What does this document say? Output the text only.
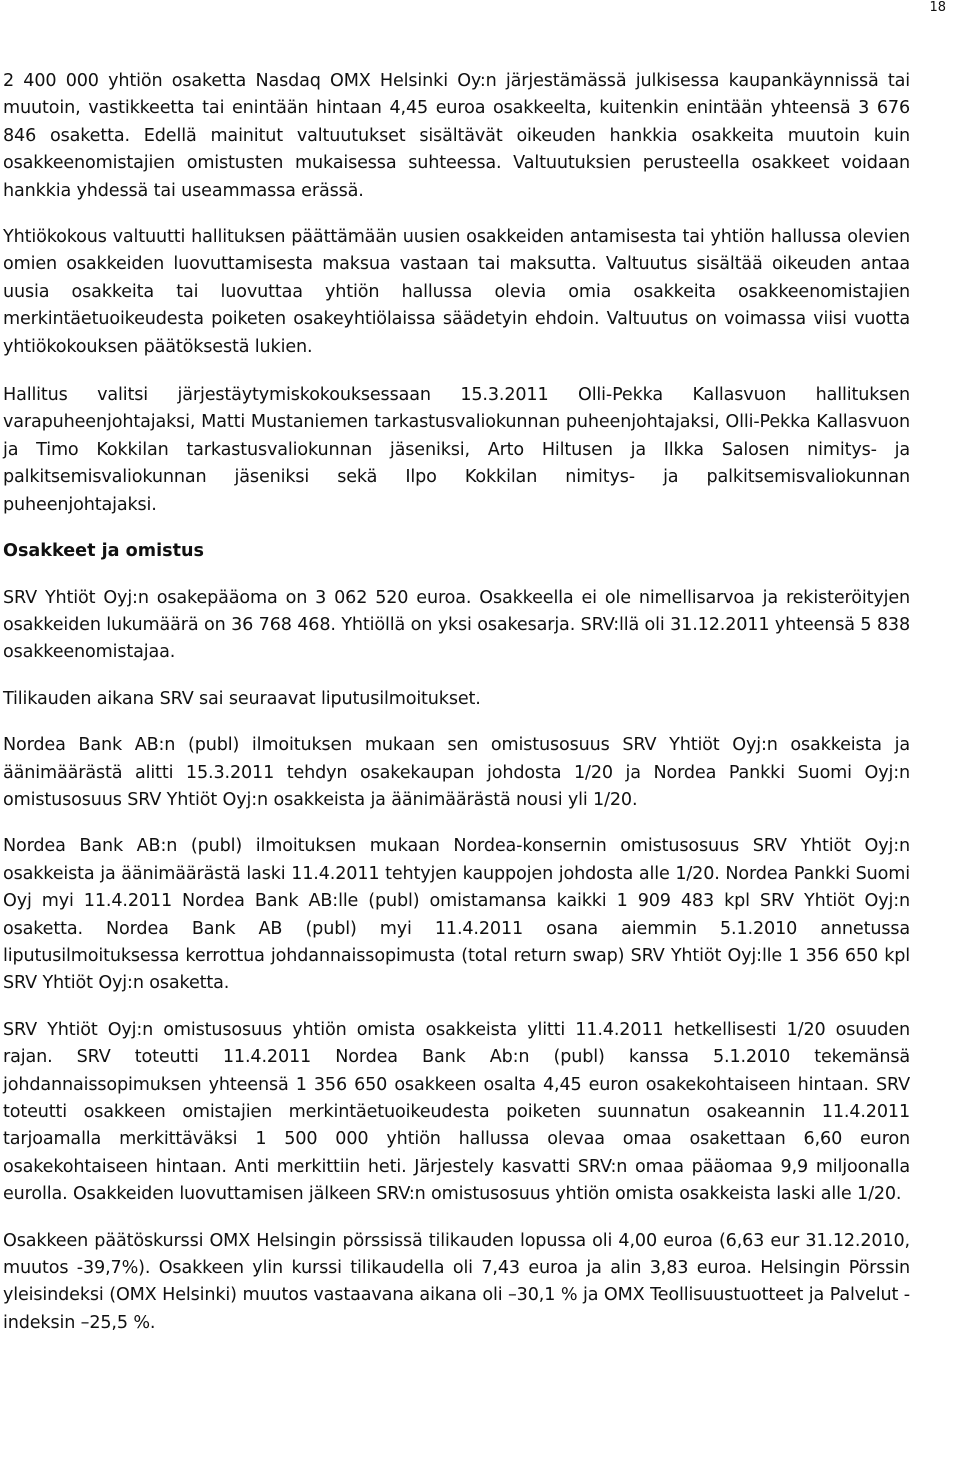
18

2 400 000 yhtiön osaketta Nasdaq OMX Helsinki Oy:n järjestämässä julkisessa kaupankäynnissä tai muutoin, vastikkeetta tai enintään hintaan 4,45 euroa osakkeelta, kuitenkin enintään yhteensä 3 676 846 osaketta. Edellä mainitut valtuutukset sisältävät oikeuden hankkia osakkeita muutoin kuin osakkeenomistajien omistusten mukaisessa suhteessa. Valtuutuksien perusteella osakkeet voidaan hankkia yhdessä tai useammassa erässä.

Yhtiökokous valtuutti hallituksen päättämään uusien osakkeiden antamisesta tai yhtiön hallussa olevien omien osakkeiden luovuttamisesta maksua vastaan tai maksutta. Valtuutus sisältää oikeuden antaa uusia osakkeita tai luovuttaa yhtiön hallussa olevia omia osakkeita osakkeenomistajien merkintäetuoikeudesta poiketen osakeyhtiölaissa säädetyin ehdoin. Valtuutus on voimassa viisi vuotta yhtiökokouksen päätöksestä lukien.

Hallitus valitsi järjestäytymiskokouksessaan 15.3.2011 Olli-Pekka Kallasvuon hallituksen varapuheenjohtajaksi, Matti Mustaniemen tarkastusvaliokunnan puheenjohtajaksi, Olli-Pekka Kallasvuon ja Timo Kokkilan tarkastusvaliokunnan jäseniksi, Arto Hiltusen ja Ilkka Salosen nimitys- ja palkitsemisvaliokunnan jäseniksi sekä Ilpo Kokkilan nimitys- ja palkitsemisvaliokunnan puheenjohtajaksi.

Osakkeet ja omistus

SRV Yhtiöt Oyj:n osakepääoma on 3 062 520 euroa. Osakkeella ei ole nimellisarvoa ja rekisteröityjen osakkeiden lukumäärä on 36 768 468. Yhtiöllä on yksi osakesarja. SRV:llä oli 31.12.2011 yhteensä 5 838 osakkeenomistajaa.

Tilikauden aikana SRV sai seuraavat liputusilmoitukset.

Nordea Bank AB:n (publ) ilmoituksen mukaan sen omistusosuus SRV Yhtiöt Oyj:n osakkeista ja äänimäärästä alitti 15.3.2011 tehdyn osakekaupan johdosta 1/20 ja Nordea Pankki Suomi Oyj:n omistusosuus SRV Yhtiöt Oyj:n osakkeista ja äänimäärästä nousi yli 1/20.

Nordea Bank AB:n (publ) ilmoituksen mukaan Nordea-konsernin omistusosuus SRV Yhtiöt Oyj:n osakkeista ja äänimäärästä laski 11.4.2011 tehtyjen kauppojen johdosta alle 1/20. Nordea Pankki Suomi Oyj myi 11.4.2011 Nordea Bank AB:lle (publ) omistamansa kaikki 1 909 483 kpl SRV Yhtiöt Oyj:n osaketta. Nordea Bank AB (publ) myi 11.4.2011 osana aiemmin 5.1.2010 annetussa liputusilmoituksessa kerrottua johdannaissopimusta (total return swap) SRV Yhtiöt Oyj:lle 1 356 650 kpl SRV Yhtiöt Oyj:n osaketta.

SRV Yhtiöt Oyj:n omistusosuus yhtiön omista osakkeista ylitti 11.4.2011 hetkellisesti 1/20 osuuden rajan. SRV toteutti 11.4.2011 Nordea Bank Ab:n (publ) kanssa 5.1.2010 tekemänsä johdannaissopimuksen yhteensä 1 356 650 osakkeen osalta 4,45 euron osakekohtaiseen hintaan. SRV toteutti osakkeen omistajien merkintäetuoikeudesta poiketen suunnatun osakeannin 11.4.2011 tarjoamalla merkittäväksi 1 500 000 yhtiön hallussa olevaa omaa osakettaan 6,60 euron osakekohtaiseen hintaan. Anti merkittiin heti. Järjestely kasvatti SRV:n omaa pääomaa 9,9 miljoonalla eurolla. Osakkeiden luovuttamisen jälkeen SRV:n omistusosuus yhtiön omista osakkeista laski alle 1/20.

Osakkeen päätöskurssi OMX Helsingin pörssissä tilikauden lopussa oli 4,00 euroa (6,63 eur 31.12.2010, muutos -39,7%). Osakkeen ylin kurssi tilikaudella oli 7,43 euroa ja alin 3,83 euroa. Helsingin Pörssin yleisindeksi (OMX Helsinki) muutos vastaavana aikana oli –30,1 % ja OMX Teollisuustuotteet ja Palvelut -indeksin –25,5 %.
